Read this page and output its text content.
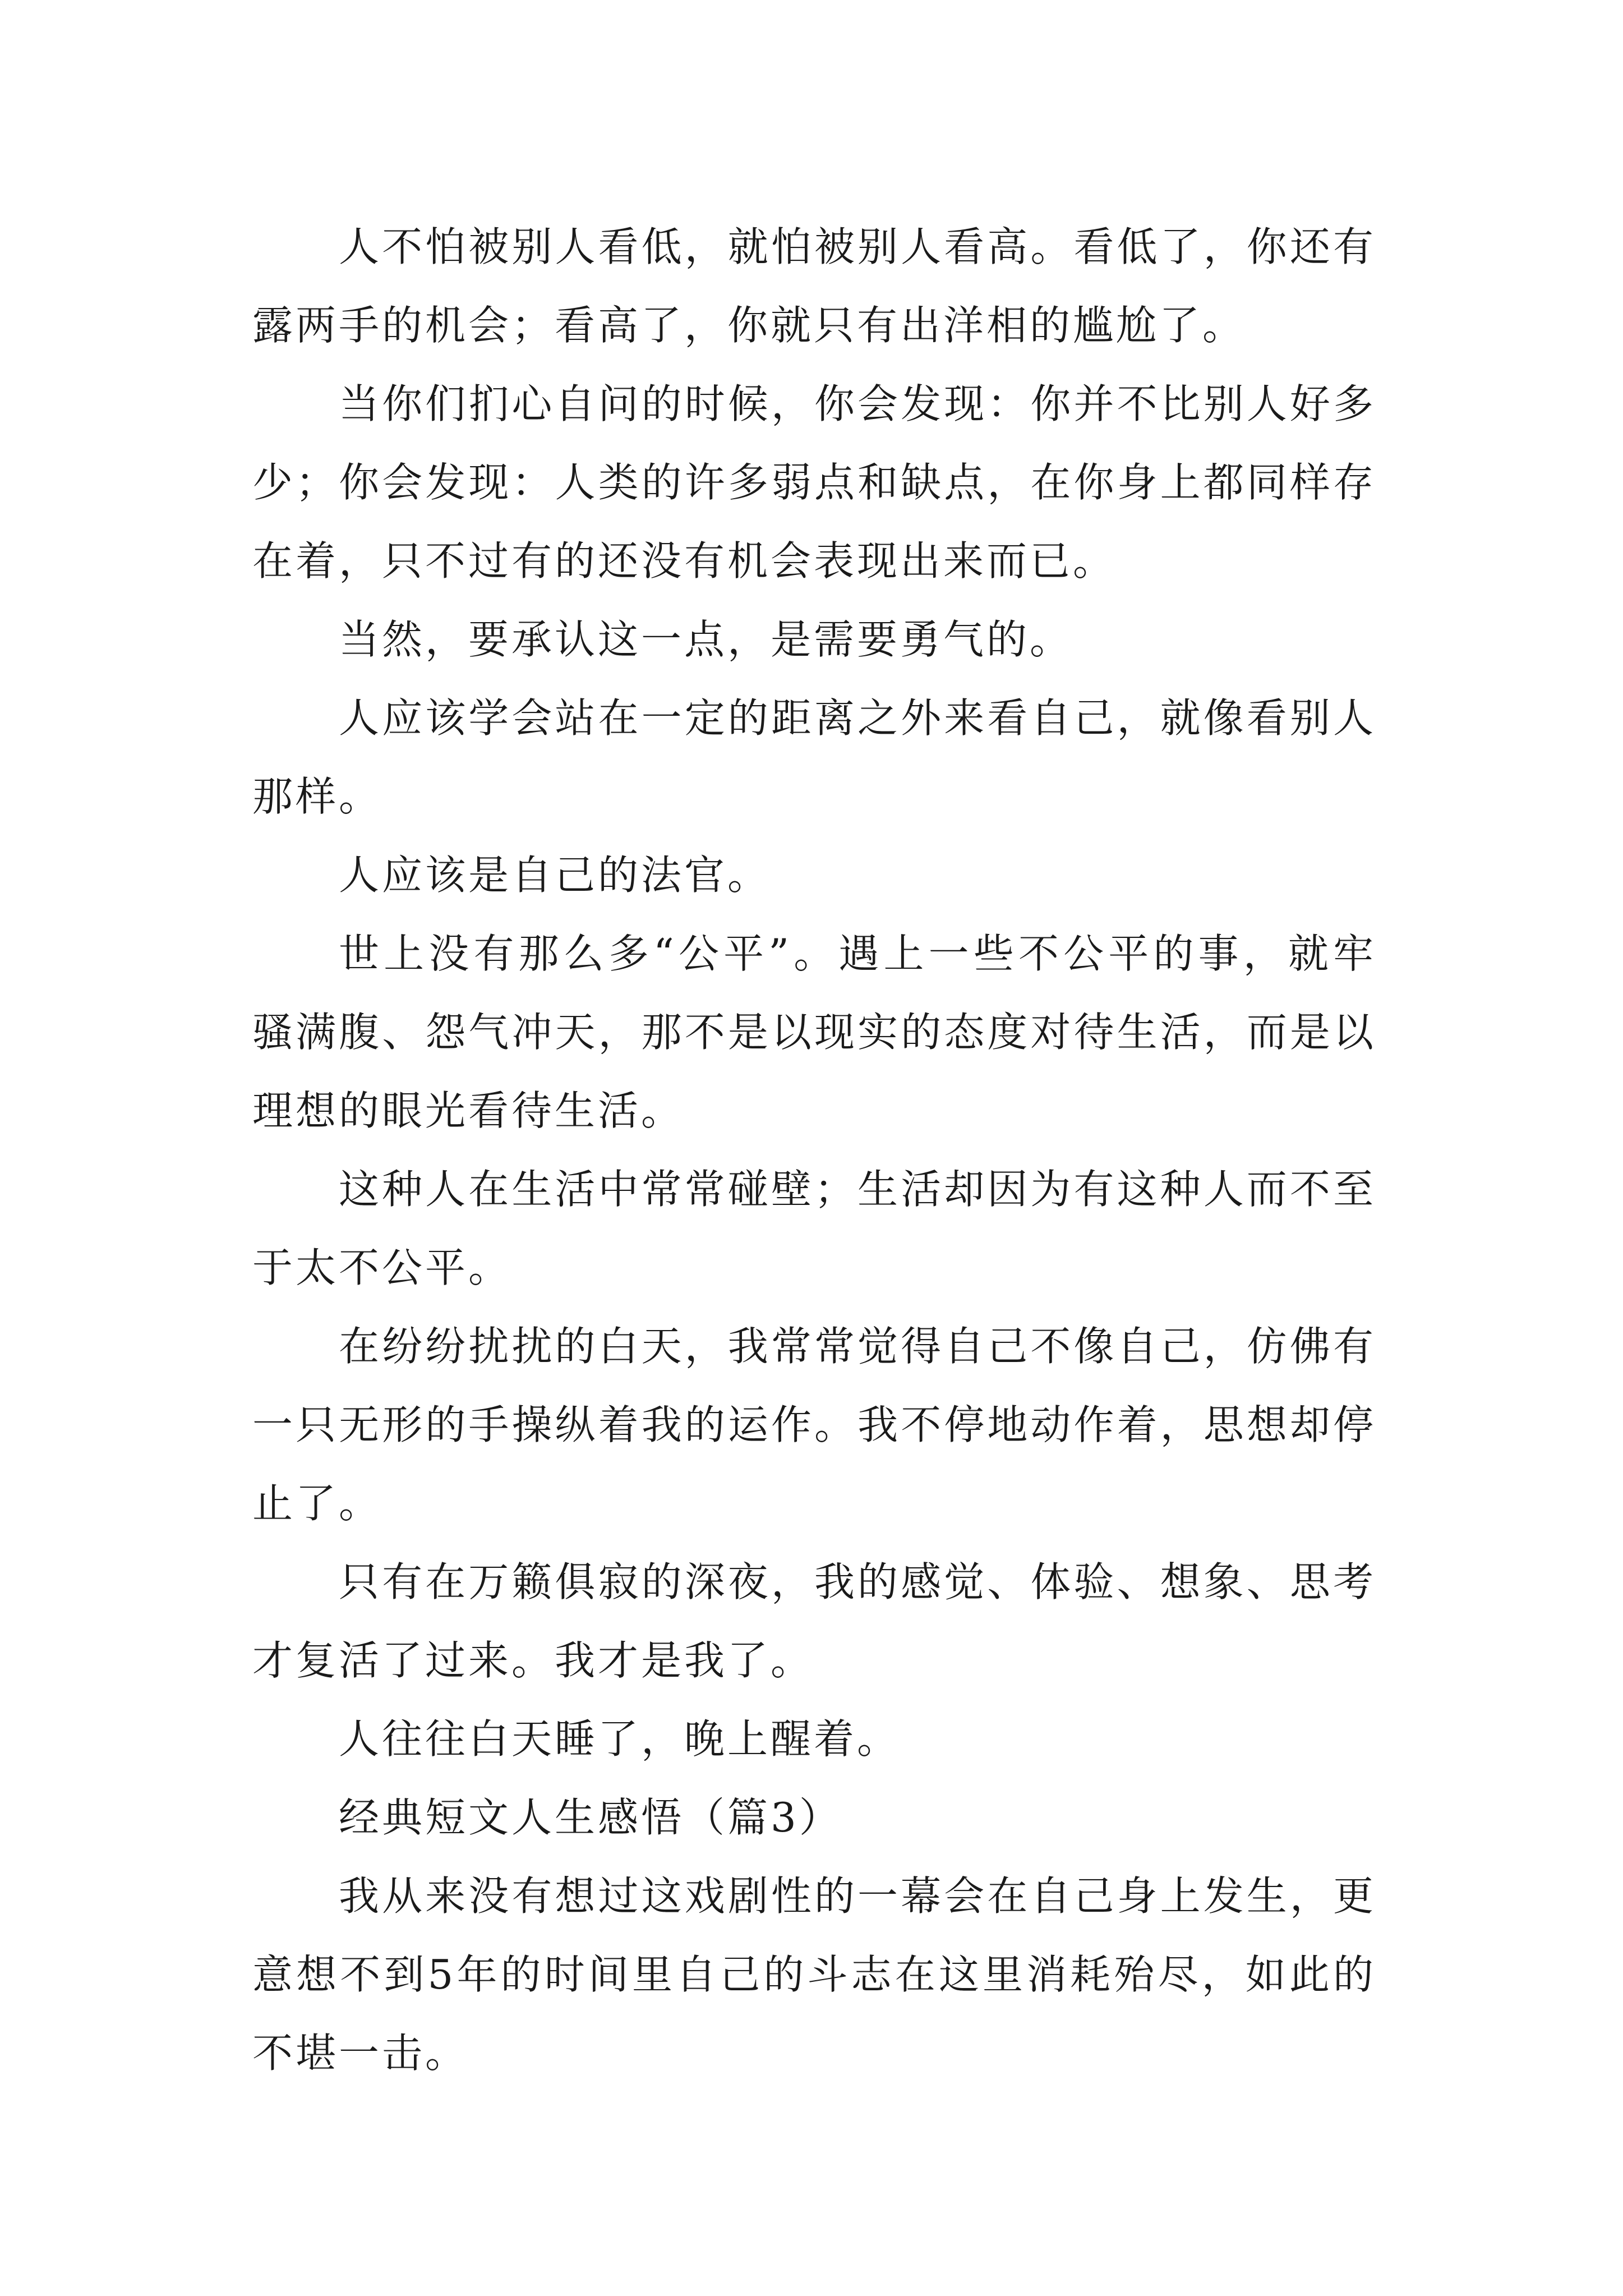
人不怕被别人看低，就怕被别人看高。看低了，你还有露两手的机会；看高了，你就只有出洋相的尴尬了。

当你们扪心自问的时候，你会发现：你并不比别人好多少；你会发现：人类的许多弱点和缺点，在你身上都同样存在着，只不过有的还没有机会表现出来而已。

当然，要承认这一点，是需要勇气的。

人应该学会站在一定的距离之外来看自己，就像看别人那样。

人应该是自己的法官。

世上没有那么多“公平”。遇上一些不公平的事，就牢骚满腹、怨气冲天，那不是以现实的态度对待生活，而是以理想的眼光看待生活。

这种人在生活中常常碰壁；生活却因为有这种人而不至于太不公平。

在纷纷扰扰的白天，我常常觉得自己不像自己，仿佛有一只无形的手操纵着我的运作。我不停地动作着，思想却停止了。

只有在万籁俱寂的深夜，我的感觉、体验、想象、思考才复活了过来。我才是我了。

人往往白天睡了，晚上醒着。

经典短文人生感悟（篇3）

我从来没有想过这戏剧性的一幕会在自己身上发生，更意想不到5年的时间里自己的斗志在这里消耗殆尽，如此的不堪一击。
